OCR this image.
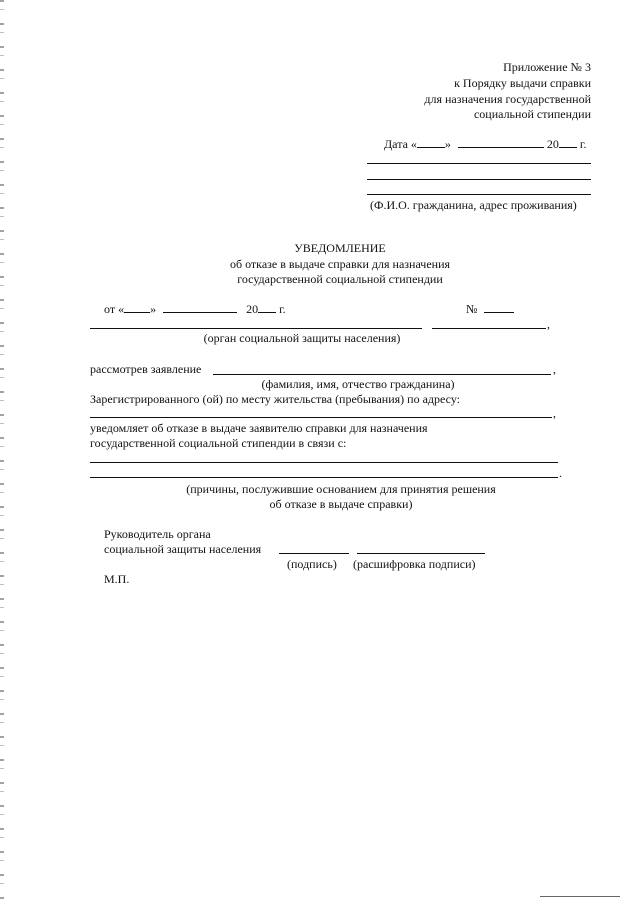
Приложение № 3
к Порядку выдачи справки
для назначения государственной
социальной стипендии
Дата « »	20 г.
(Ф.И.О. гражданина, адрес проживания)
УВЕДОМЛЕНИЕ
об отказе в выдаче справки для назначения
государственной социальной стипендии
от « »	20 г.	№
,
(орган социальной защиты населения)
рассмотрев заявление	,
(фамилия, имя, отчество гражданина)
Зарегистрированного (ой) по месту жительства (пребывания) по адресу:
,
уведомляет об отказе в выдаче заявителю справки для назначения
государственной социальной стипендии в связи с:
.
(причины, послужившие основанием для принятия решения
об отказе в выдаче справки)
Руководитель органа
социальной защиты населения
(подпись) (расшифровка подписи)
М.П.
